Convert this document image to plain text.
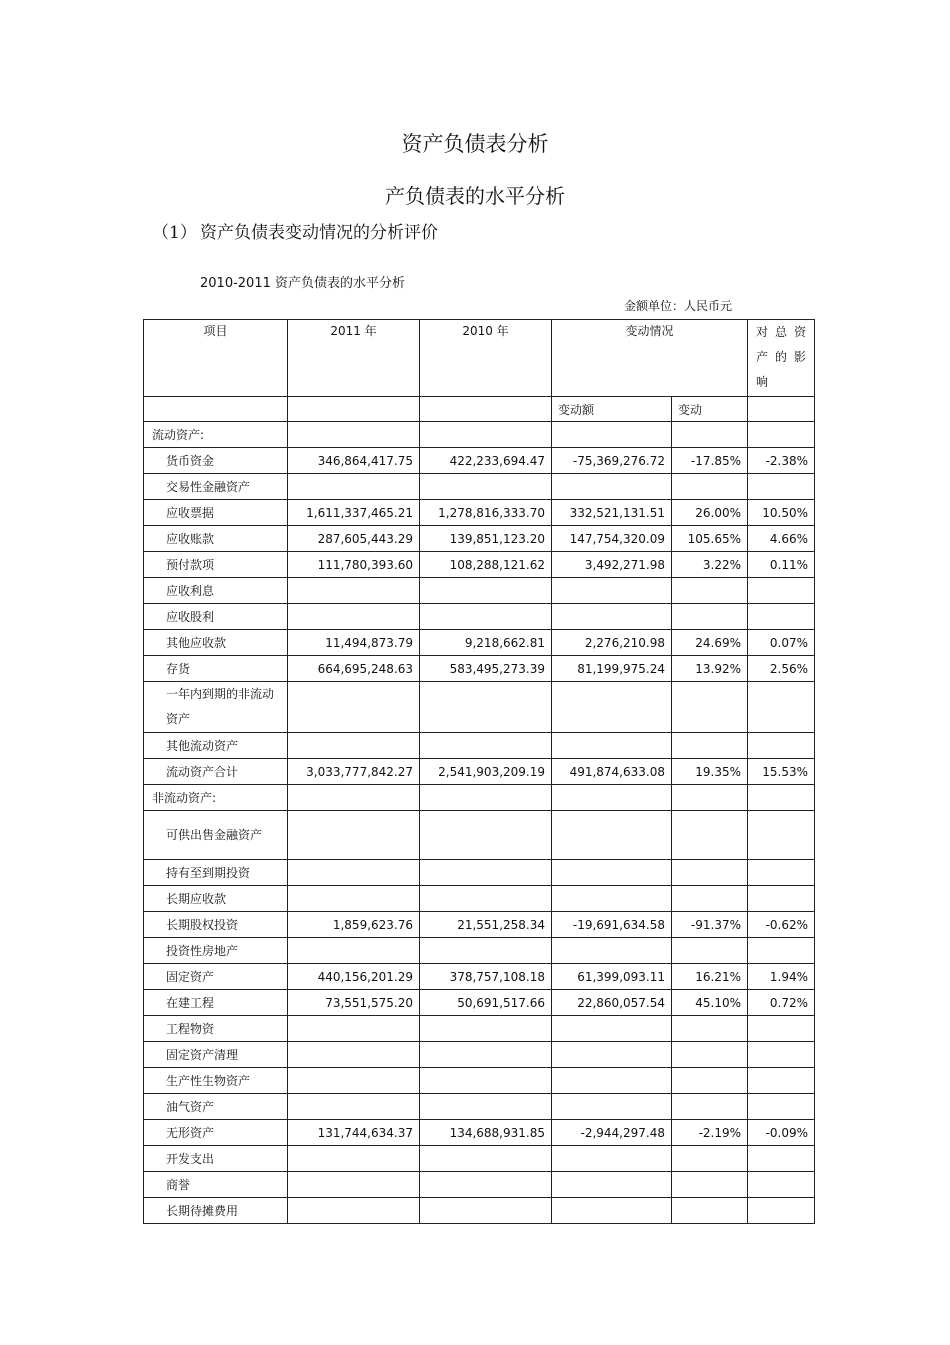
资产负债表分析
产负债表的水平分析
（1） 资产负债表变动情况的分析评价
2010-2011 资产负债表的水平分析
金额单位：人民币元
项目	2011 年	2010 年	变动情况		对 总 资 产 的 影 响
			变动额	变动	
流动资产:					
货币资金	346,864,417.75	422,233,694.47	-75,369,276.72	-17.85%	-2.38%
交易性金融资产					
应收票据	1,611,337,465.21	1,278,816,333.70	332,521,131.51	26.00%	10.50%
应收账款	287,605,443.29	139,851,123.20	147,754,320.09	105.65%	4.66%
预付款项	111,780,393.60	108,288,121.62	3,492,271.98	3.22%	0.11%
应收利息					
应收股利					
其他应收款	11,494,873.79	9,218,662.81	2,276,210.98	24.69%	0.07%
存货	664,695,248.63	583,495,273.39	81,199,975.24	13.92%	2.56%
一年内到期的非流动资产					
其他流动资产					
流动资产合计	3,033,777,842.27	2,541,903,209.19	491,874,633.08	19.35%	15.53%
非流动资产:					
可供出售金融资产					
持有至到期投资					
长期应收款					
长期股权投资	1,859,623.76	21,551,258.34	-19,691,634.58	-91.37%	-0.62%
投资性房地产					
固定资产	440,156,201.29	378,757,108.18	61,399,093.11	16.21%	1.94%
在建工程	73,551,575.20	50,691,517.66	22,860,057.54	45.10%	0.72%
工程物资					
固定资产清理					
生产性生物资产					
油气资产					
无形资产	131,744,634.37	134,688,931.85	-2,944,297.48	-2.19%	-0.09%
开发支出					
商誉					
长期待摊费用					
